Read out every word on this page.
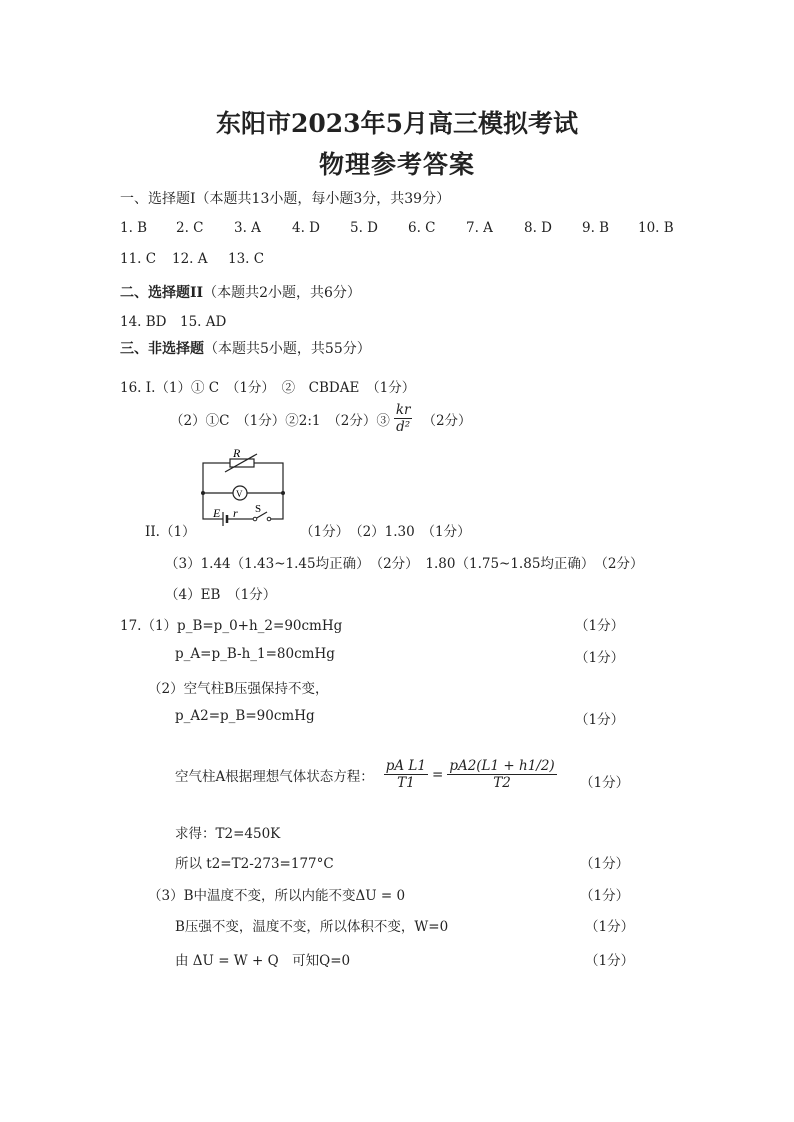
东阳市2023年5月高三模拟考试
物理参考答案
一、选择题Ⅰ（本题共13小题，每小题3分，共39分）
1. B 2. C 3. A 4. D 5. D 6. C 7. A 8. D 9. B 10. B
11. C 12. A 13. C
二、选择题II（本题共2小题，共6分）
14. BD 15. AD
三、非选择题（本题共5小题，共55分）
16. I.（1）① C　（1分）　②　CBDAE　（1分）
（2）①C　（1分）②2:1　（2分）③ $\frac{kr}{\text{d²}} (2$分）
R
V
E r S
II.（1）	（1分）　（2）1.30　（1分）
（3）1.44（1.43~1.45均正确）　（2分）　1.80（1.75~1.85均正确）　（2分）
（4）EB　（1分）
17.（1）p_B=p_0+h_2=90cmHg	（1分）
p_A=p_B-h_1=80cmHg	（1分）
（2）空气柱B压强保持不变，
p_A2=p_B=90cmHg	（1分）
空气柱A根据理想气体状态方程： $\frac{\text{pA L1}}{T1} = \frac{pA2(L1 + h1/2)}{T2} (1$分）
求得：T2=450K
所以 t2=T2-273=177°C	（1分）
（3）B中温度不变，所以内能不变ΔU = 0	（1分）
B压强不变，温度不变，所以体积不变，W=0	（1分）
由 ΔU = W + Q　可知Q=0	（1分）
